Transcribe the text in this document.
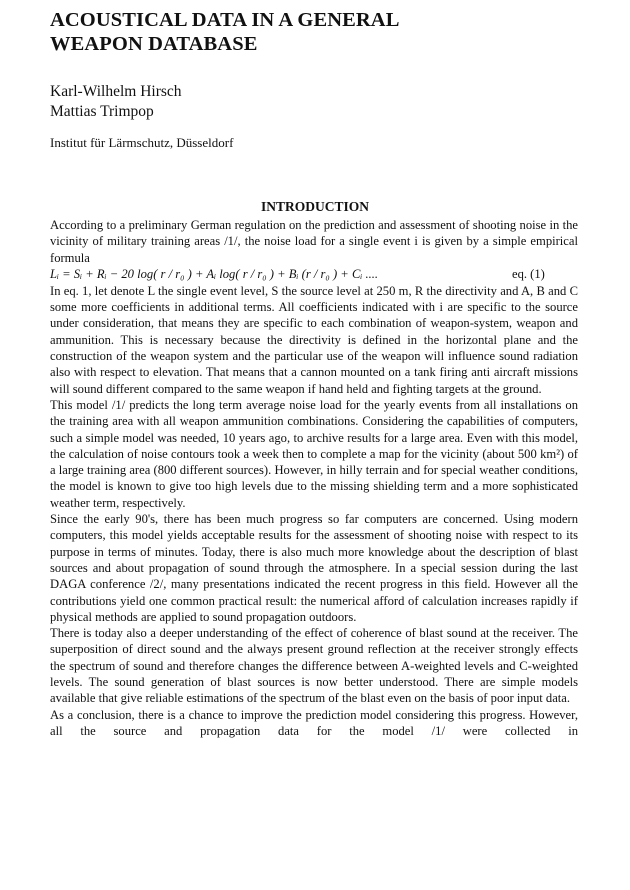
ACOUSTICAL DATA IN A GENERAL
WEAPON DATABASE
Karl-Wilhelm Hirsch
Mattias Trimpop
Institut für Lärmschutz, Düsseldorf
INTRODUCTION

According to a preliminary German regulation on the prediction and assessment of shooting noise in the vicinity of military training areas /1/, the noise load for a single event i is given by a simple empirical formula

Lᵢ = Sᵢ + Rᵢ − 20 log( r / r₀ ) + Aᵢ log( r / r₀ ) + Bᵢ (r / r₀ ) + Cᵢ ....	eq. (1)

In eq. 1, let denote L the single event level, S the source level at 250 m, R the directivity and A, B and C some more coefficients in additional terms. All coefficients indicated with i are specific to the source under consideration, that means they are specific to each combination of weapon-system, weapon and ammunition. This is necessary because the directivity is defined in the horizontal plane and the construction of the weapon system and the particular use of the weapon will influence sound radiation also with respect to elevation. That means that a cannon mounted on a tank firing anti aircraft missions will sound different compared to the same weapon if hand held and fighting targets at the ground.

This model /1/ predicts the long term average noise load for the yearly events from all installations on the training area with all weapon ammunition combinations. Considering the capabilities of computers, such a simple model was needed, 10 years ago, to archive results for a large area. Even with this model, the calculation of noise contours took a week then to complete a map for the vicinity (about 500 km²) of a large training area (800 different sources). However, in hilly terrain and for special weather conditions, the model is known to give too high levels due to the missing shielding term and a more sophisticated weather term, respectively.

Since the early 90's, there has been much progress so far computers are concerned. Using modern computers, this model yields acceptable results for the assessment of shooting noise with respect to its purpose in terms of minutes. Today, there is also much more knowledge about the description of blast sources and about propagation of sound through the atmosphere. In a special session during the last DAGA conference /2/, many presentations indicated the recent progress in this field. However all the contributions yield one common practical result: the numerical afford of calculation increases rapidly if physical methods are applied to sound propagation outdoors.

There is today also a deeper understanding of the effect of coherence of blast sound at the receiver. The superposition of direct sound and the always present ground reflection at the receiver strongly effects the spectrum of sound and therefore changes the difference between A-weighted levels and C-weighted levels. The sound generation of blast sources is now better understood. There are simple models available that give reliable estimations of the spectrum of the blast even on the basis of poor input data.

As a conclusion, there is a chance to improve the prediction model considering this progress. However, all the source and propagation data for the model /1/ were collected in
